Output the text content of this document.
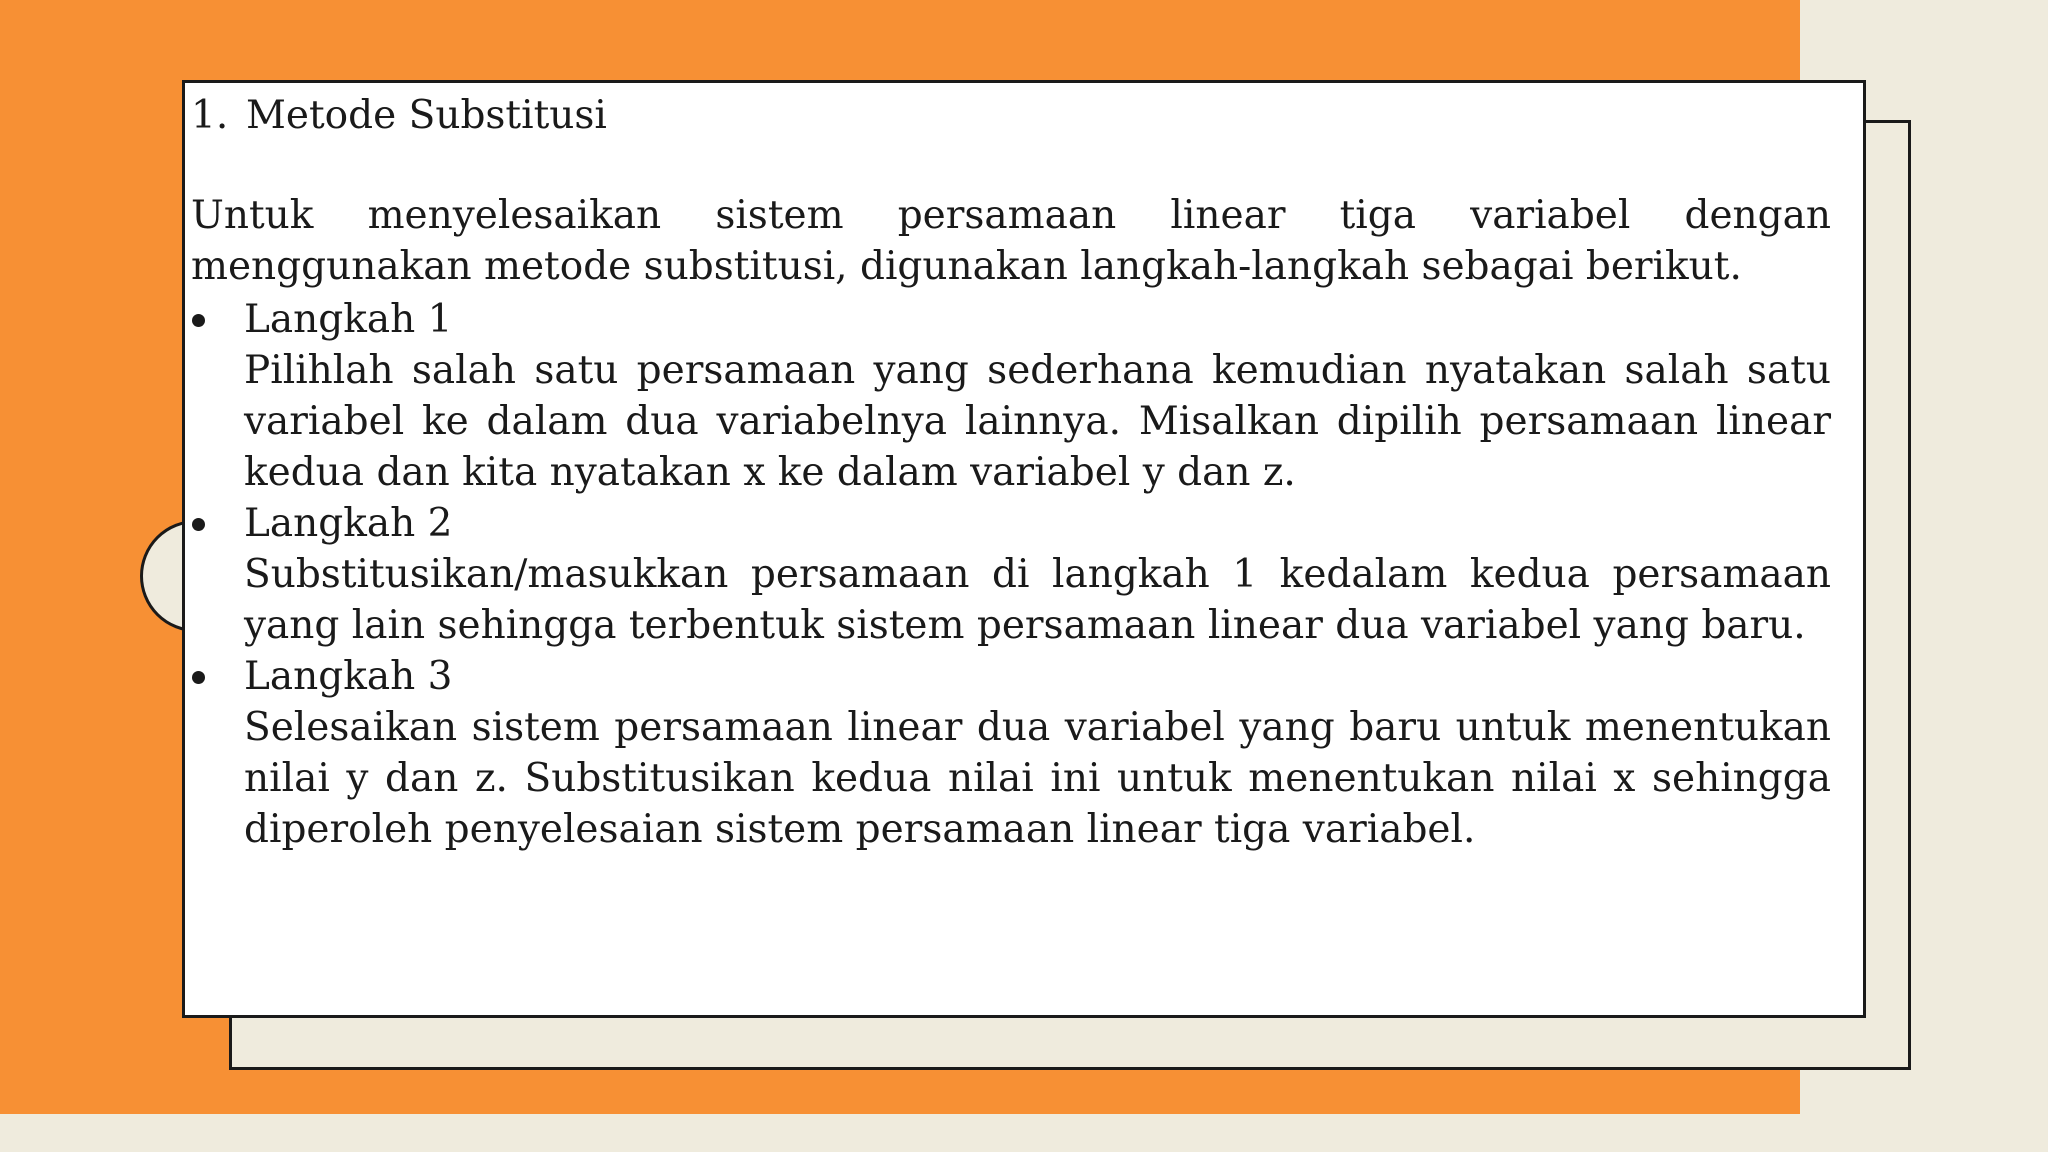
1. Metode Substitusi

Untuk menyelesaikan sistem persamaan linear tiga variabel dengan menggunakan metode substitusi, digunakan langkah-langkah sebagai berikut.

Langkah 1
Pilihlah salah satu persamaan yang sederhana kemudian nyatakan salah satu variabel ke dalam dua variabelnya lainnya. Misalkan dipilih persamaan linear kedua dan kita nyatakan x ke dalam variabel y dan z.
Langkah 2
Substitusikan/masukkan persamaan di langkah 1 kedalam kedua persamaan yang lain sehingga terbentuk sistem persamaan linear dua variabel yang baru.
Langkah 3
Selesaikan sistem persamaan linear dua variabel yang baru untuk menentukan nilai y dan z. Substitusikan kedua nilai ini untuk menentukan nilai x sehingga diperoleh penyelesaian sistem persamaan linear tiga variabel.
